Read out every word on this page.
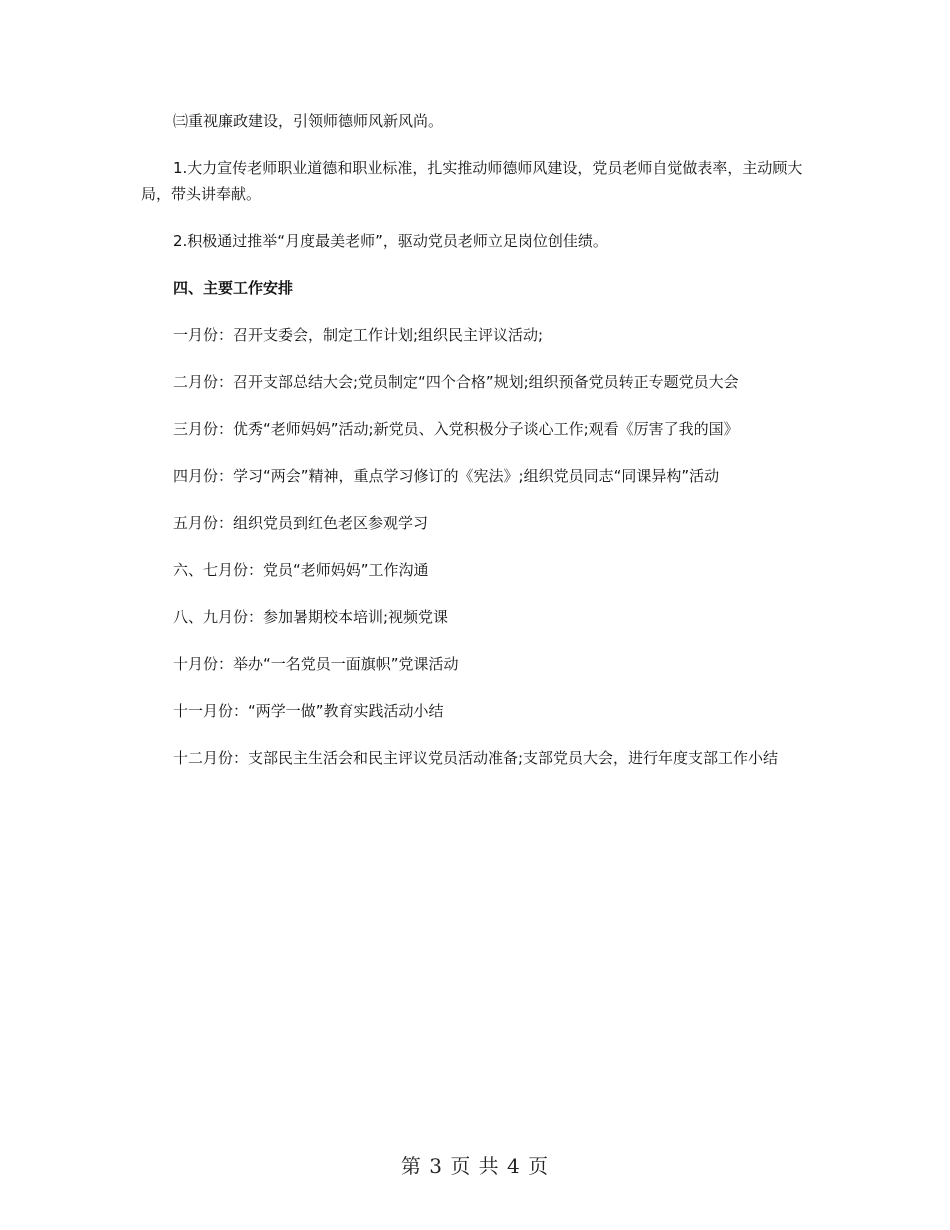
㈢重视廉政建设，引领师德师风新风尚。

1.大力宣传老师职业道德和职业标准，扎实推动师德师风建设，党员老师自觉做表率，主动顾大局，带头讲奉献。

2.积极通过推举“月度最美老师”，驱动党员老师立足岗位创佳绩。

四、主要工作安排

一月份：召开支委会，制定工作计划;组织民主评议活动;

二月份：召开支部总结大会;党员制定“四个合格”规划;组织预备党员转正专题党员大会

三月份：优秀“老师妈妈”活动;新党员、入党积极分子谈心工作;观看《厉害了我的国》

四月份：学习“两会”精神，重点学习修订的《宪法》;组织党员同志“同课异构”活动

五月份：组织党员到红色老区参观学习

六、七月份：党员“老师妈妈”工作沟通

八、九月份：参加暑期校本培训;视频党课

十月份：举办“一名党员一面旗帜”党课活动

十一月份：“两学一做”教育实践活动小结

十二月份：支部民主生活会和民主评议党员活动准备;支部党员大会，进行年度支部工作小结

第 3 页 共 4 页
